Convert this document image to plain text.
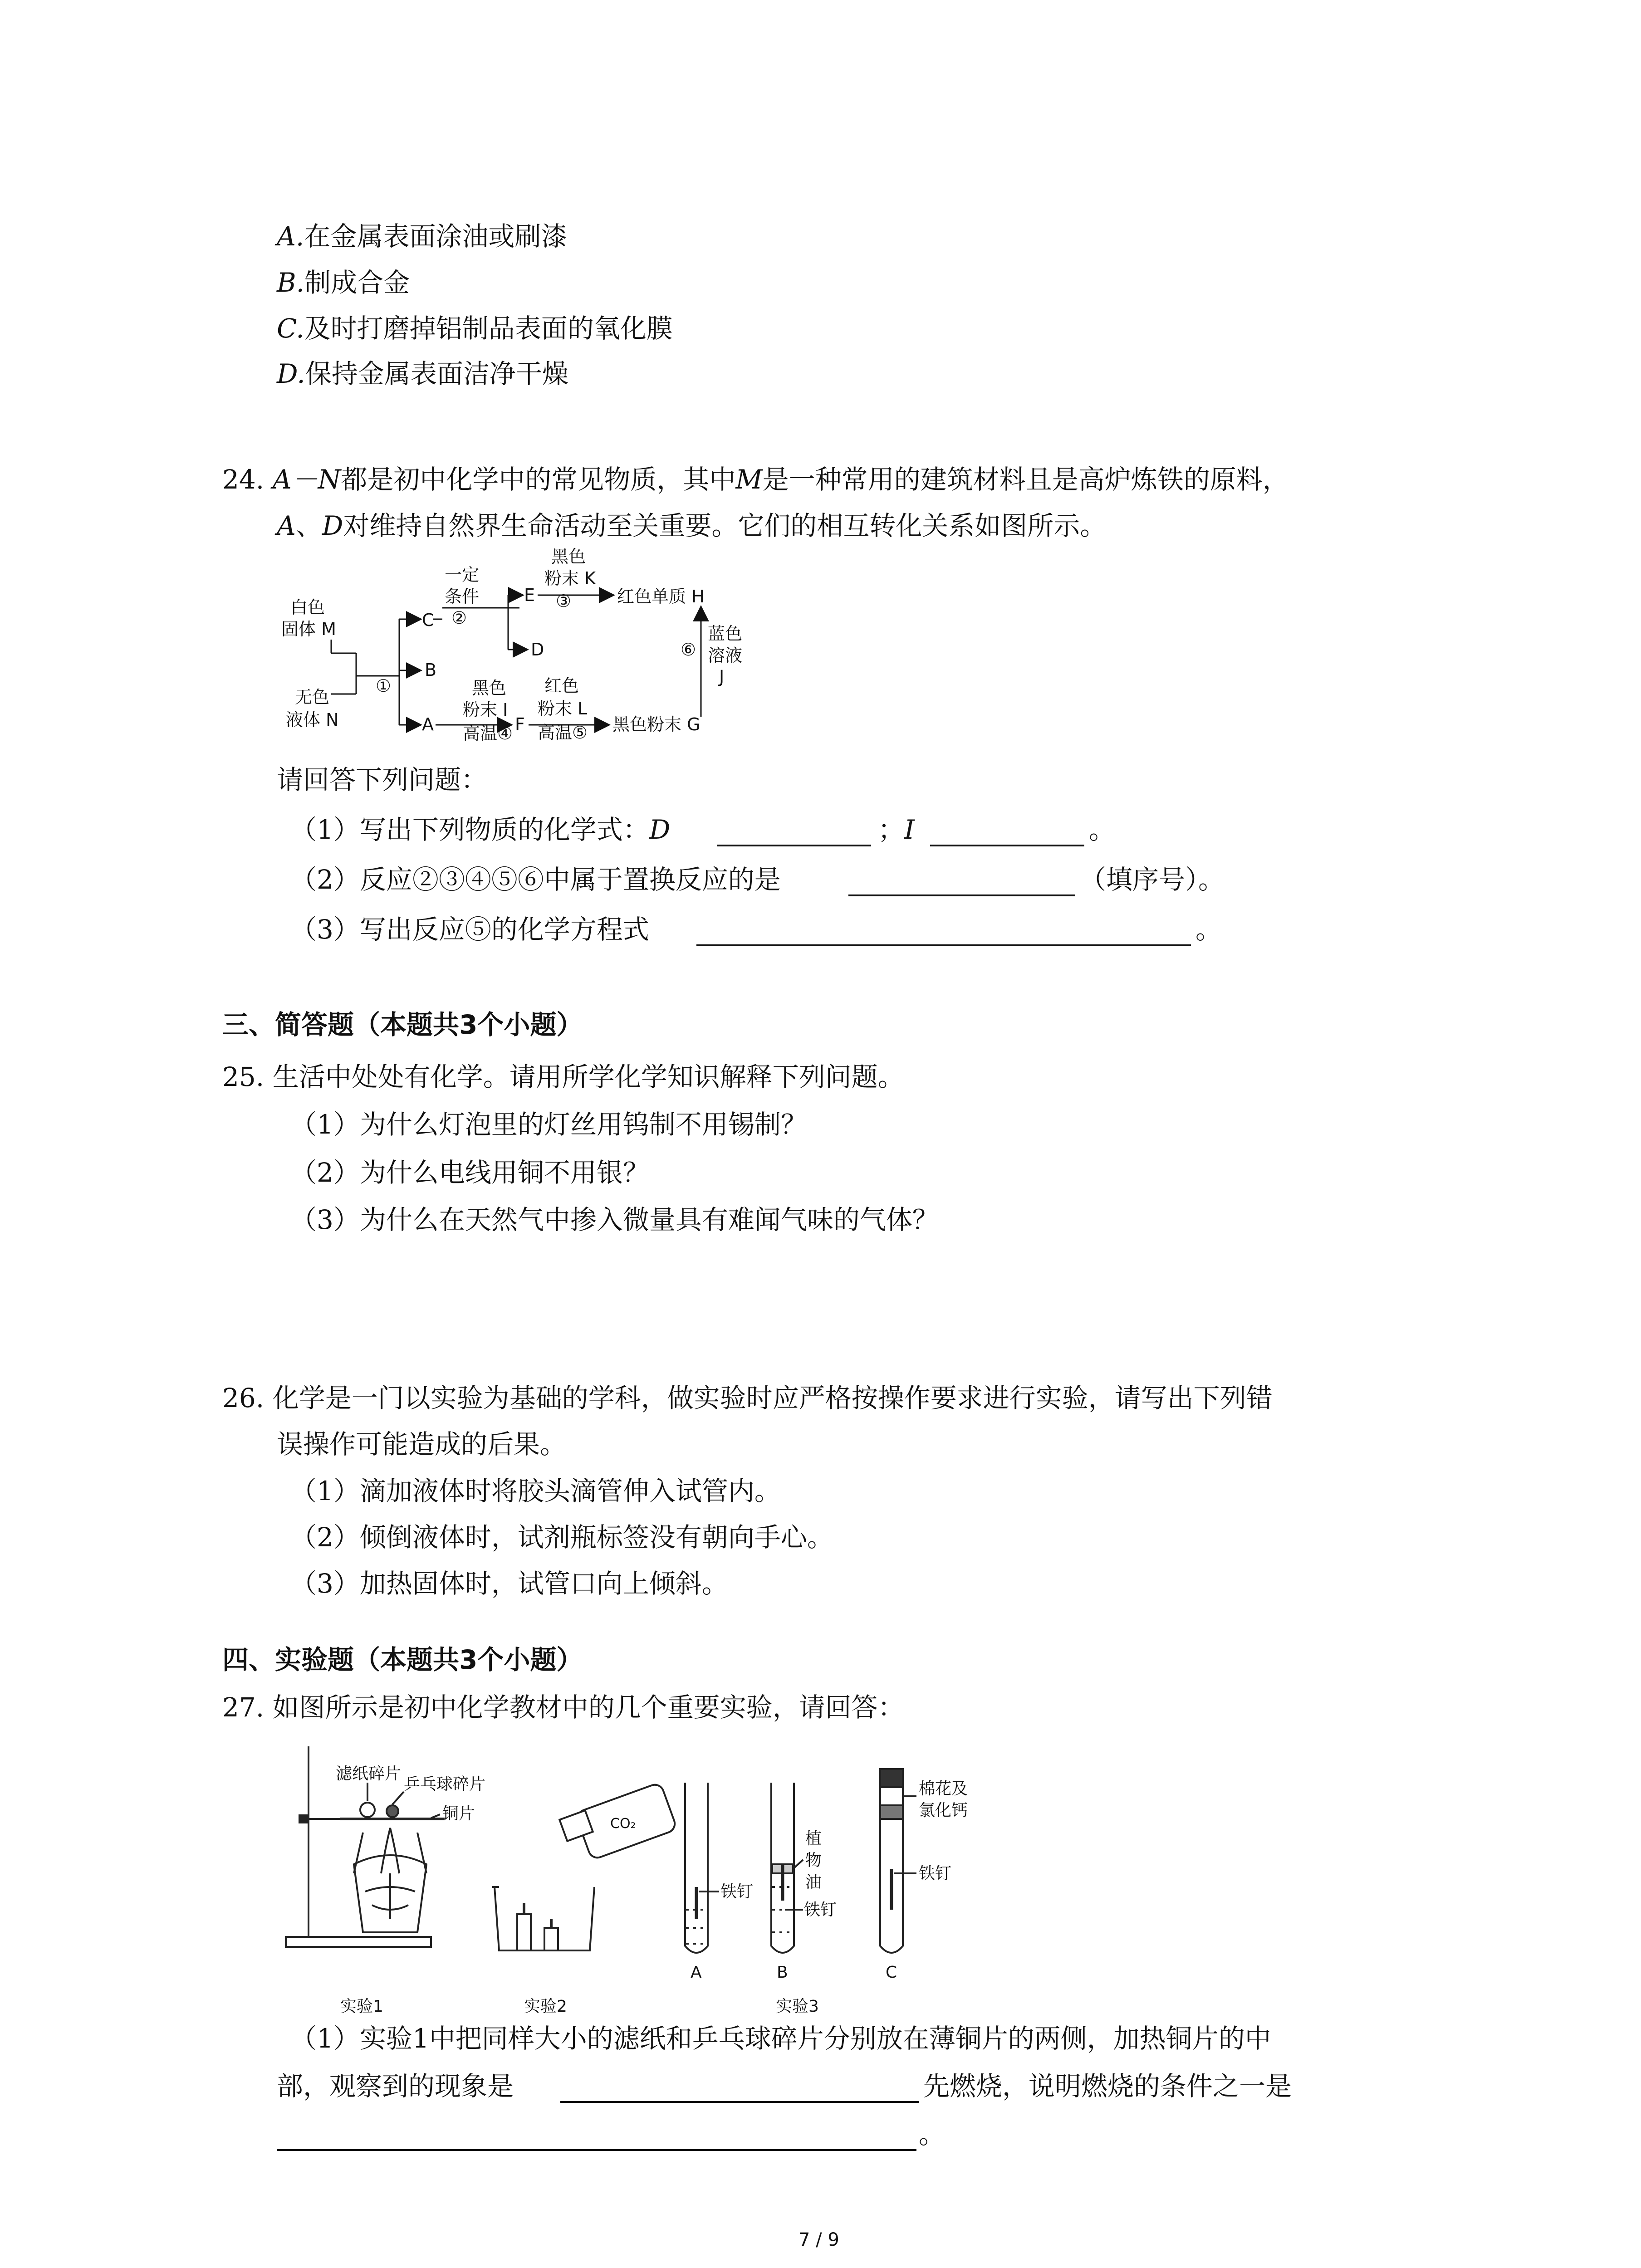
A.在金属表面涂油或刷漆
B.制成合金
C.及时打磨掉铝制品表面的氧化膜
D.保持金属表面洁净干燥
24. A－N都是初中化学中的常见物质，其中M是一种常用的建筑材料且是高炉炼铁的原料，
A、D对维持自然界生命活动至关重要。它们的相互转化关系如图所示。
白色
固体 M
无色
液体 N
①
C
B
A
一定
条件
②
E
D
黑色
粉末 K
③	红色单质 H
黑色
粉末 I
高温④ F
红色
粉末 L
高温⑤ 黑色粉末 G
蓝色
溶液
J
⑥
请回答下列问题：
（1）写出下列物质的化学式：D	；I	。
（2）反应②③④⑤⑥中属于置换反应的是	（填序号）。
（3）写出反应⑤的化学方程式	。
三、简答题（本题共3个小题）
25. 生活中处处有化学。请用所学化学知识解释下列问题。
（1）为什么灯泡里的灯丝用钨制不用锡制？
（2）为什么电线用铜不用银？
（3）为什么在天然气中掺入微量具有难闻气味的气体？
26. 化学是一门以实验为基础的学科，做实验时应严格按操作要求进行实验，请写出下列错
误操作可能造成的后果。
（1）滴加液体时将胶头滴管伸入试管内。
（2）倾倒液体时，试剂瓶标签没有朝向手心。
（3）加热固体时，试管口向上倾斜。
四、实验题（本题共3个小题）
27. 如图所示是初中化学教材中的几个重要实验，请回答：
滤纸碎片
乒乓球碎片
铜片
CO₂
铁钉
植
物
油
铁钉
棉花及
氯化钙
铁钉
A	B	C
实验1	实验2	实验3
（1）实验1中把同样大小的滤纸和乒乓球碎片分别放在薄铜片的两侧，加热铜片的中
部，观察到的现象是	先燃烧，说明燃烧的条件之一是
。
7 / 9
